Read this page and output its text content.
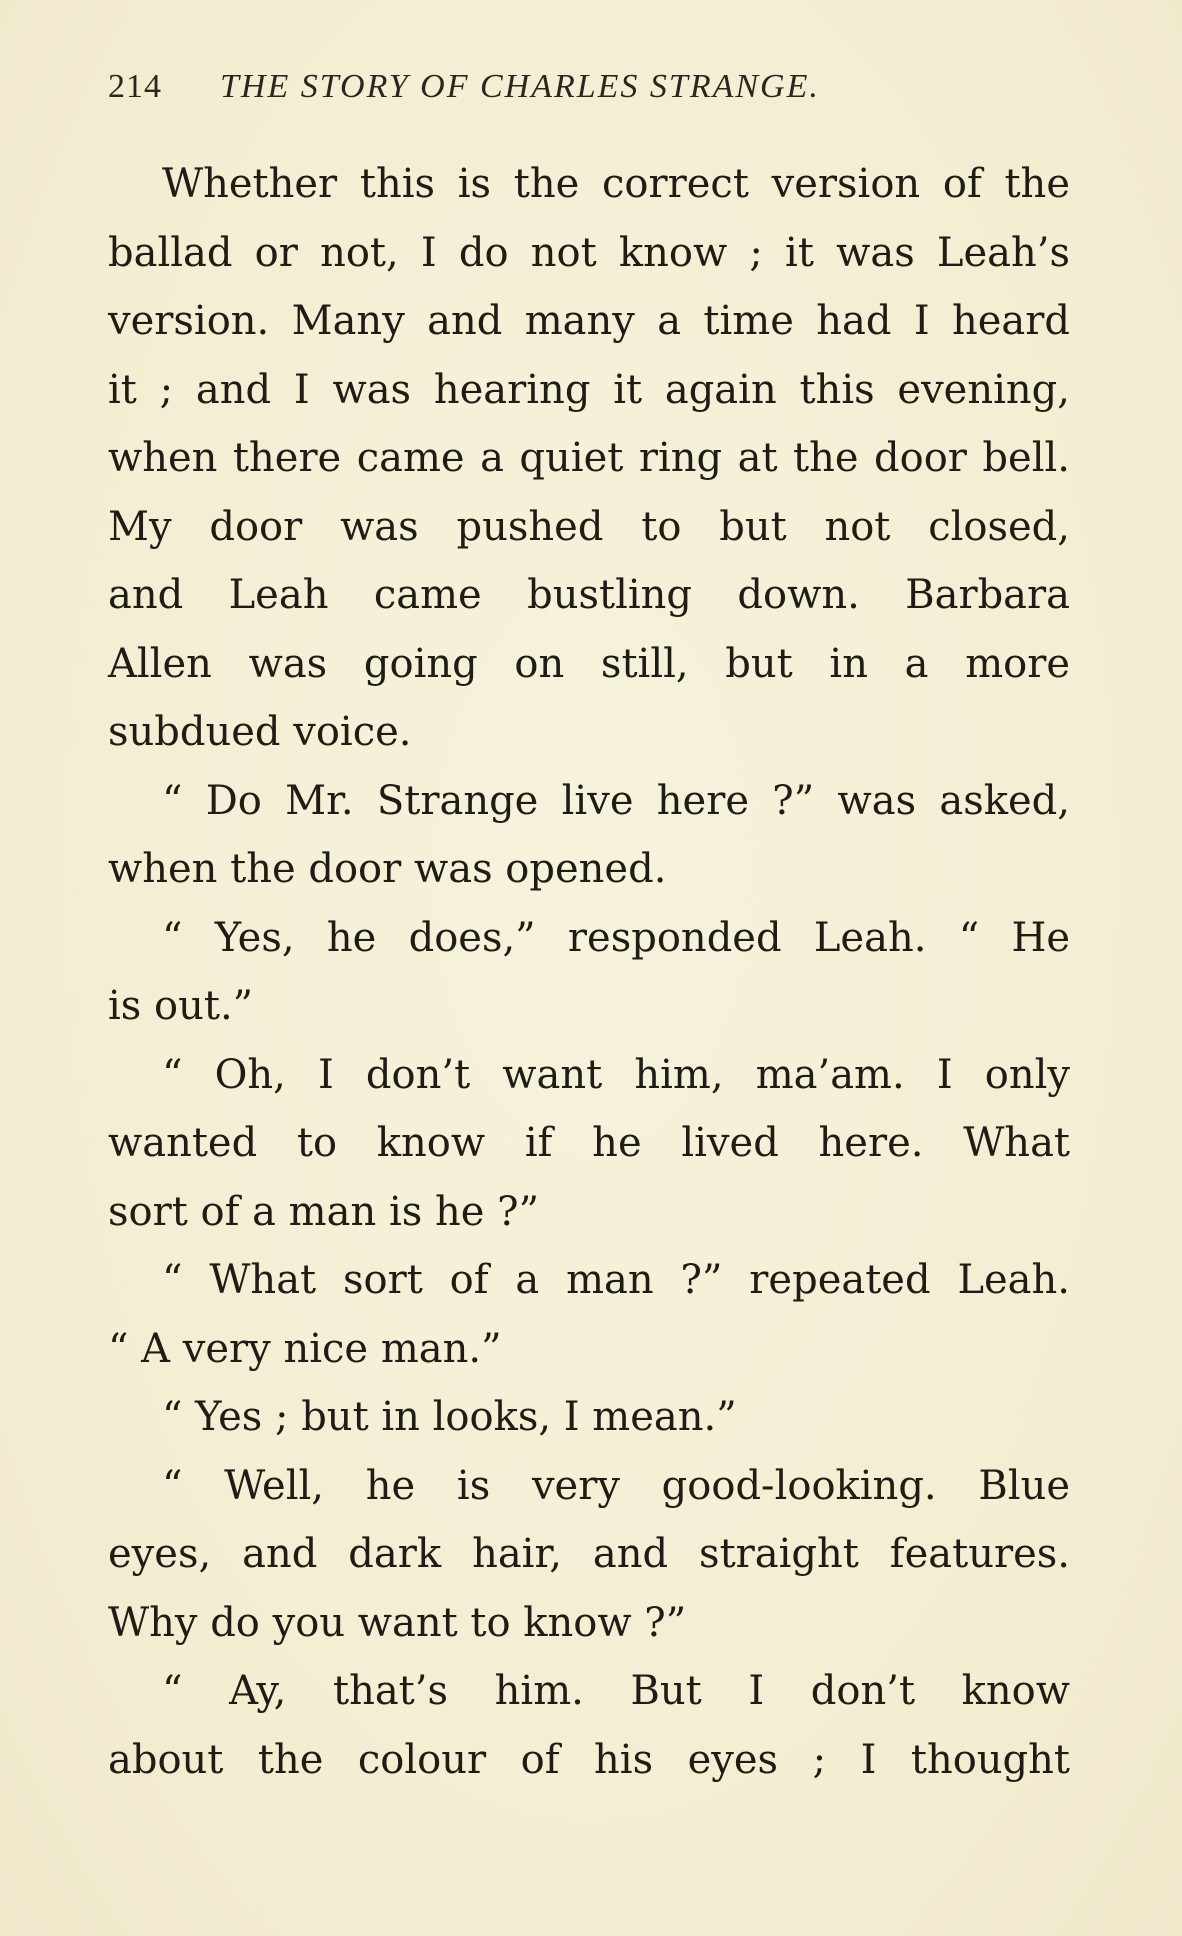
214 THE STORY OF CHARLES STRANGE.
Whether this is the correct version of the
ballad or not, I do not know ; it was Leah’s
version. Many and many a time had I heard
it ; and I was hearing it again this evening,
when there came a quiet ring at the door bell.
My door was pushed to but not closed,
and Leah came bustling down. Barbara
Allen was going on still, but in a more
subdued voice.
“ Do Mr. Strange live here ?” was asked,
when the door was opened.
“ Yes, he does,” responded Leah. “ He
is out.”
“ Oh, I don’t want him, ma’am. I only
wanted to know if he lived here. What
sort of a man is he ?”
“ What sort of a man ?” repeated Leah.
“ A very nice man.”
“ Yes ; but in looks, I mean.”
“ Well, he is very good-looking. Blue
eyes, and dark hair, and straight features.
Why do you want to know ?”
“ Ay, that’s him. But I don’t know
about the colour of his eyes ; I thought
